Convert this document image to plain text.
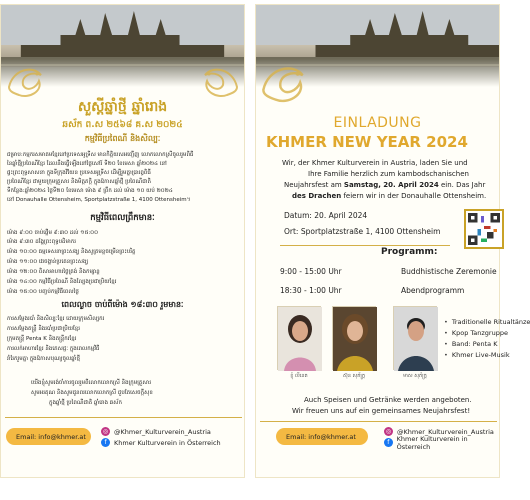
សួស្តីឆ្នាំថ្មី ឆ្នាំរោង
ឆស័ក ព.ស ២៥៦៨ គ.ស ២០២៤
កម្មវិធីប្រពៃណី និងសិល្បៈ
ជម្រាប:កម្មករសមាគមខ្មែរនៅប្រទេសអូទ្រីស មានកិត្តិយសអញ្ជើញ លោកលោកស្រីចូលរួមពិធី
នៃឆ្នាំថ្មីប្រពៃណីខ្មែរ ដែលនឹងធ្វើឡើងនៅថ្ងៃសៅរ៍ ទី២០ ខែមេសា ឆ្នាំ២០២៤ នៅ
ផ្ទះព្រះពុទ្ធសាសនា ក្នុងទីក្រុងវីយែន ប្រទេសអូទ្រីស ដើម្បីរួមគ្នាប្រារព្ធពិធី
ប្រពៃណីខ្មែរ ជាមួយក្រុមគ្រួសារ និងមិត្តភក្តិ ក្នុងឱកាសឆ្នាំថ្មី ប្រពៃណីជាតិ
ទីកន្លែង:ឆ្នាំ២០២៤ ថ្ងៃទី២០ ខែមេសា ម៉ោង ៩ ព្រឹក ដល់ ម៉ោង ១០ យប់ ២០២៤
នៅ Donauhalle Ottensheim, Sportplatzstraße 1, 4100 Ottensheim។
កម្មវិធីពេលព្រឹកមានៈ
ម៉ោង ៩:០០ ចាប់ផ្តើម ៩:៣០ ដល់ ១៥:០០
ម៉ោង ៩:៣០ ដង្ហែព្រះពុទ្ធបដិមាករ
ម៉ោង ១០:០០ ធម្មទេសនាព្រះសង្ឃ និងសូត្រមន្តចម្រើនព្រះបរិត្ត
ម៉ោង ១១:០០ វេរចង្ហាន់ប្រគេនព្រះសង្ឃ
ម៉ោង ១២:០០ ពិសាអាហារថ្ងៃត្រង់ និងកម្សាន្ត
ម៉ោង ១៤:០០ កម្មវិធីប្រពៃណី និងល្បែងប្រជាប្រិយខ្មែរ
ម៉ោង ១៥:០០ បញ្ចប់កម្មវិធីពេលថ្ងៃ
ពេលល្ងាច ចាប់ពីម៉ោង ១៨:៣០ រួមមានៈ
ការសម្តែងរបាំ និងសិល្បៈខ្មែរ ដោយក្រុមសិល្បករ
ការសម្តែងតន្ត្រី និងរបាំប្រជាប្រិយខ្មែរ
ក្រុមតន្ត្រី Penta K និងតន្ត្រីករខ្មែរ
ការលក់អាហារខ្មែរ និងភេសជ្ជៈ ក្នុងពេលកម្មវិធី
រាំរែករួមគ្នា ក្នុងឱកាសបុណ្យចូលឆ្នាំថ្មី
យើងខ្ញុំសូមរង់ចាំការចូលរួមពីលោកលោកស្រី និងក្រុមគ្រួសារ
សូមអរគុណ និងសូមជូនពរលោកលោកស្រី ជួបតែសេចក្តីសុខ
ក្នុងឆ្នាំថ្មី ប្រពៃណីជាតិ ឆ្នាំរោង ឆស័ក
Email: info@khmer.at
◎ @Khmer_Kulturverein_Austria
f	Khmer Kulturverein in Österreich
EINLADUNG
KHMER NEW YEAR 2024
Wir, der Khmer Kulturverein in Austria, laden Sie und
Ihre Familie herzlich zum kambodschanischen
Neujahrsfest am Samstag, 20. April 2024 ein. Das Jahr
des Drachen feiern wir in der Donauhalle Ottensheim.
Datum: 20. April 2024
Ort: Sportplatzstraße 1, 4100 Ottensheim
Programm:
9:00 - 15:00 Uhr	Buddhistische Zeremonie
18:30 - 1:00 Uhr	Abendprogramm
ខ្ញុំ លីនេត	ស៊ុន សុភ័ក្ត្រ	មាស សុភ័ក្ត្រ
• Traditionelle Ritualtänze
• Kpop Tanzgruppe
• Band: Penta K
• Khmer Live-Musik
Auch Speisen und Getränke werden angeboten.
Wir freuen uns auf ein gemeinsames Neujahrsfest!
Email: info@khmer.at
◎ @Khmer_Kulturverein_Austria
f	Khmer Kulturverein in Österreich
